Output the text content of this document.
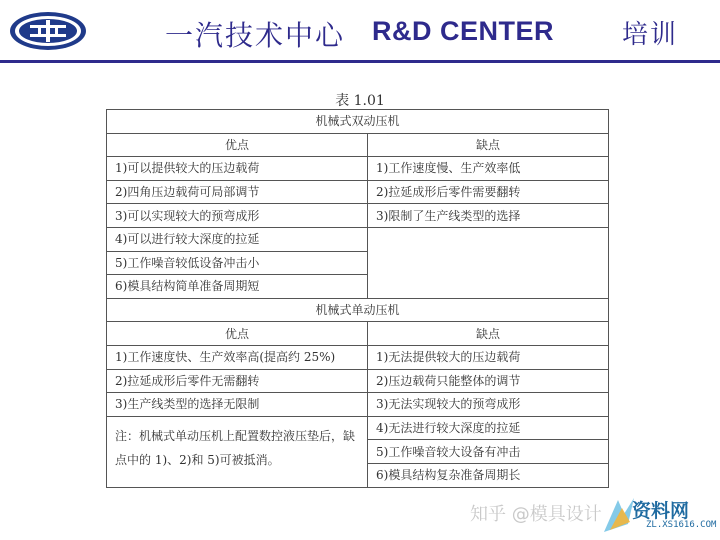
一汽技术中心 R&D CENTER	培训
表 1.01
机械式双动压机	
优点	缺点
1)可以提供较大的压边载荷	1)工作速度慢、生产效率低
2)四角压边载荷可局部调节	2)拉延成形后零件需要翻转
3)可以实现较大的预弯成形	3)限制了生产线类型的选择
4)可以进行较大深度的拉延	
5)工作噪音较低设备冲击小	
6)模具结构简单准备周期短	
机械式单动压机	
优点	缺点
1)工作速度快、生产效率高(提高约 25%)	1)无法提供较大的压边载荷
2)拉延成形后零件无需翻转	2)压边载荷只能整体的调节
3)生产线类型的选择无限制	3)无法实现较大的预弯成形
注：机械式单动压机上配置数控液压垫后，缺点中的 1)、2)和 5)可被抵消。	4)无法进行较大深度的拉延
	5)工作噪音较大设备有冲击
	6)模具结构复杂准备周期长
知乎 @模具设计 资料网
ZL.XS1616.COM
